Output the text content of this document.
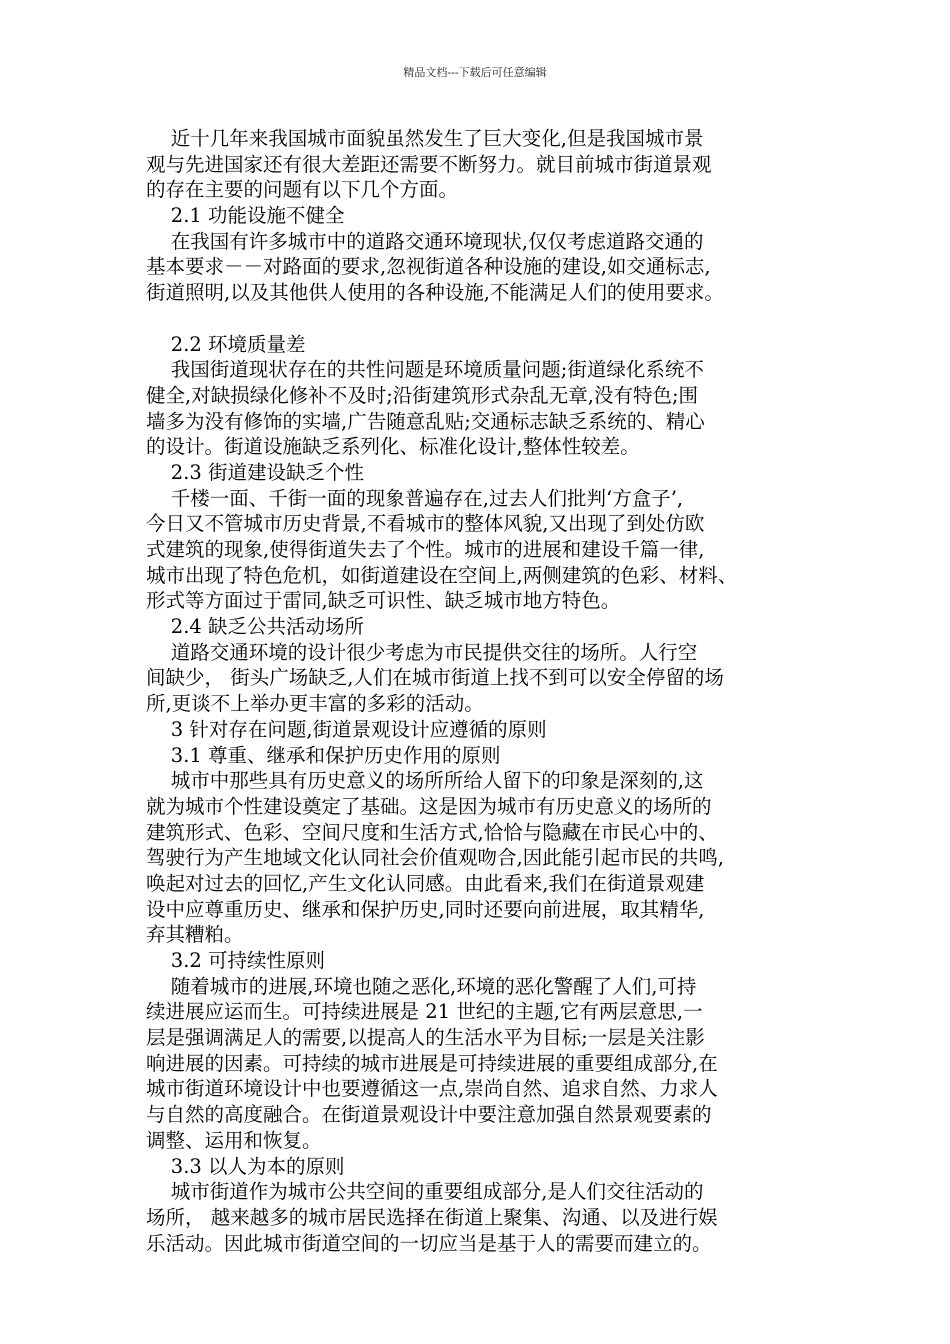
精品文档---下载后可任意编辑
近十几年来我国城市面貌虽然发生了巨大变化,但是我国城市景
观与先进国家还有很大差距还需要不断努力。就目前城市街道景观
的存在主要的问题有以下几个方面。
2.1 功能设施不健全
在我国有许多城市中的道路交通环境现状,仅仅考虑道路交通的
基本要求－－对路面的要求,忽视街道各种设施的建设,如交通标志,
街道照明,以及其他供人使用的各种设施,不能满足人们的使用要求。
2.2 环境质量差
我国街道现状存在的共性问题是环境质量问题;街道绿化系统不
健全,对缺损绿化修补不及时;沿街建筑形式杂乱无章,没有特色;围
墙多为没有修饰的实墙,广告随意乱贴;交通标志缺乏系统的、精心
的设计。街道设施缺乏系列化、标准化设计,整体性较差。
2.3 街道建设缺乏个性
千楼一面、千街一面的现象普遍存在,过去人们批判‘方盒子’,
今日又不管城市历史背景,不看城市的整体风貌,又出现了到处仿欧
式建筑的现象,使得街道失去了个性。城市的进展和建设千篇一律,
城市出现了特色危机，如街道建设在空间上,两侧建筑的色彩、材料、
形式等方面过于雷同,缺乏可识性、缺乏城市地方特色。
2.4 缺乏公共活动场所
道路交通环境的设计很少考虑为市民提供交往的场所。人行空
间缺少， 街头广场缺乏,人们在城市街道上找不到可以安全停留的场
所,更谈不上举办更丰富的多彩的活动。
3 针对存在问题,街道景观设计应遵循的原则
3.1 尊重、继承和保护历史作用的原则
城市中那些具有历史意义的场所所给人留下的印象是深刻的,这
就为城市个性建设奠定了基础。这是因为城市有历史意义的场所的
建筑形式、色彩、空间尺度和生活方式,恰恰与隐藏在市民心中的、
驾驶行为产生地域文化认同社会价值观吻合,因此能引起市民的共鸣,
唤起对过去的回忆,产生文化认同感。由此看来,我们在街道景观建
设中应尊重历史、继承和保护历史,同时还要向前进展，取其精华,
弃其糟粕。
3.2 可持续性原则
随着城市的进展,环境也随之恶化,环境的恶化警醒了人们,可持
续进展应运而生。可持续进展是 21 世纪的主题,它有两层意思,一
层是强调满足人的需要,以提高人的生活水平为目标;一层是关注影
响进展的因素。可持续的城市进展是可持续进展的重要组成部分,在
城市街道环境设计中也要遵循这一点,崇尚自然、追求自然、力求人
与自然的高度融合。在街道景观设计中要注意加强自然景观要素的
调整、运用和恢复。
3.3 以人为本的原则
城市街道作为城市公共空间的重要组成部分,是人们交往活动的
场所， 越来越多的城市居民选择在街道上聚集、沟通、以及进行娱
乐活动。因此城市街道空间的一切应当是基于人的需要而建立的。
